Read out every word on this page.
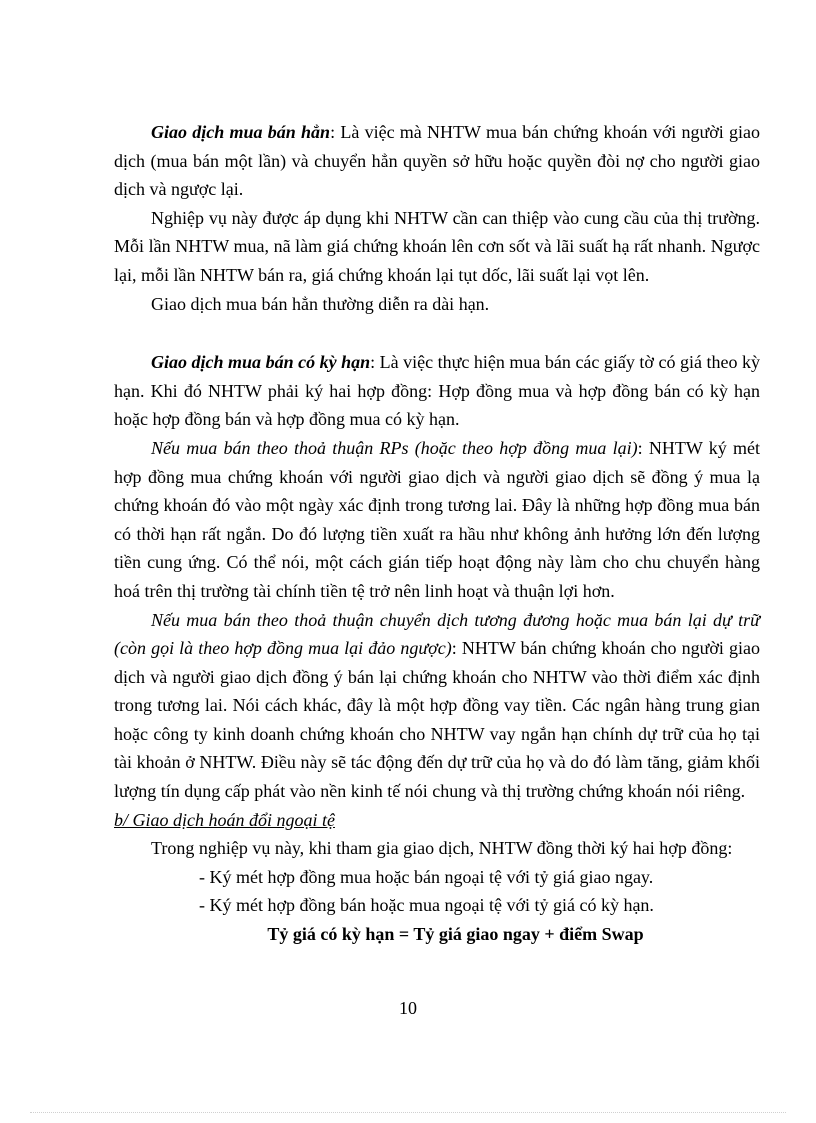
Giao dịch mua bán hẳn: Là việc mà NHTW mua bán chứng khoán với người giao dịch (mua bán một lần) và chuyển hẳn quyền sở hữu hoặc quyền đòi nợ cho người giao dịch và ngược lại.

Nghiệp vụ này được áp dụng khi NHTW cần can thiệp vào cung cầu của thị trường. Mỗi lần NHTW mua, nã làm giá chứng khoán lên cơn sốt và lãi suất hạ rất nhanh. Ngược lại, mỗi lần NHTW bán ra, giá chứng khoán lại tụt dốc, lãi suất lại vọt lên.

Giao dịch mua bán hẳn thường diễn ra dài hạn.

Giao dịch mua bán có kỳ hạn: Là việc thực hiện mua bán các giấy tờ có giá theo kỳ hạn. Khi đó NHTW phải ký hai hợp đồng: Hợp đồng mua và hợp đồng bán có kỳ hạn hoặc hợp đồng bán và hợp đồng mua có kỳ hạn.

Nếu mua bán theo thoả thuận RPs (hoặc theo hợp đồng mua lại): NHTW ký mét hợp đồng mua chứng khoán với người giao dịch và người giao dịch sẽ đồng ý mua lạ chứng khoán đó vào một ngày xác định trong tương lai. Đây là những hợp đồng mua bán có thời hạn rất ngắn. Do đó lượng tiền xuất ra hầu như không ảnh hưởng lớn đến lượng tiền cung ứng. Có thể nói, một cách gián tiếp hoạt động này làm cho chu chuyển hàng hoá trên thị trường tài chính tiền tệ trở nên linh hoạt và thuận lợi hơn.

Nếu mua bán theo thoả thuận chuyển dịch tương đương hoặc mua bán lại dự trữ (còn gọi là theo hợp đồng mua lại đảo ngược): NHTW bán chứng khoán cho người giao dịch và người giao dịch đồng ý bán lại chứng khoán cho NHTW vào thời điểm xác định trong tương lai. Nói cách khác, đây là một hợp đồng vay tiền. Các ngân hàng trung gian hoặc công ty kinh doanh chứng khoán cho NHTW vay ngắn hạn chính dự trữ của họ tại tài khoản ở NHTW. Điều này sẽ tác động đến dự trữ của họ và do đó làm tăng, giảm khối lượng tín dụng cấp phát vào nền kinh tế nói chung và thị trường chứng khoán nói riêng.

b/ Giao dịch hoán đổi ngoại tệ

Trong nghiệp vụ này, khi tham gia giao dịch, NHTW đồng thời ký hai hợp đồng:

- Ký mét hợp đồng mua hoặc bán ngoại tệ với tỷ giá giao ngay.

- Ký mét hợp đồng bán hoặc mua ngoại tệ với tỷ giá có kỳ hạn.

Tỷ giá có kỳ hạn = Tỷ giá giao ngay + điểm Swap

10
